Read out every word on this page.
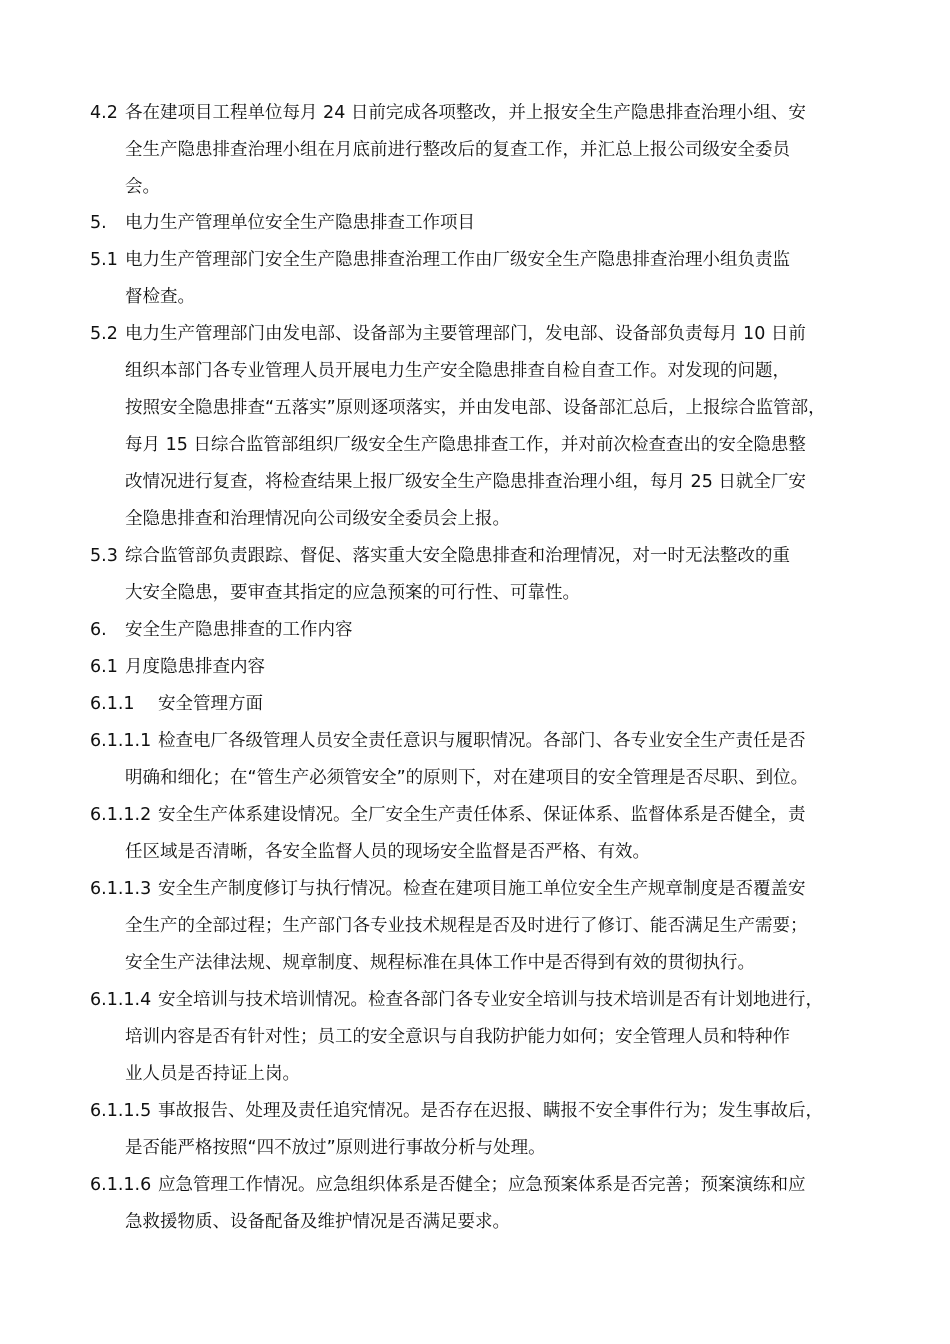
4.2 各在建项目工程单位每月 24 日前完成各项整改，并上报安全生产隐患排查治理小组、安
全生产隐患排查治理小组在月底前进行整改后的复查工作，并汇总上报公司级安全委员
会。
5.	电力生产管理单位安全生产隐患排查工作项目
5.1 电力生产管理部门安全生产隐患排查治理工作由厂级安全生产隐患排查治理小组负责监
督检查。
5.2 电力生产管理部门由发电部、设备部为主要管理部门，发电部、设备部负责每月 10 日前
组织本部门各专业管理人员开展电力生产安全隐患排查自检自查工作。对发现的问题，
按照安全隐患排查“五落实”原则逐项落实，并由发电部、设备部汇总后，上报综合监管部，
每月 15 日综合监管部组织厂级安全生产隐患排查工作，并对前次检查查出的安全隐患整
改情况进行复查，将检查结果上报厂级安全生产隐患排查治理小组，每月 25 日就全厂安
全隐患排查和治理情况向公司级安全委员会上报。
5.3 综合监管部负责跟踪、督促、落实重大安全隐患排查和治理情况，对一时无法整改的重
大安全隐患，要审查其指定的应急预案的可行性、可靠性。
6.	安全生产隐患排查的工作内容
6.1 月度隐患排查内容
6.1.1	安全管理方面
6.1.1.1 检查电厂各级管理人员安全责任意识与履职情况。各部门、各专业安全生产责任是否
明确和细化；在“管生产必须管安全”的原则下，对在建项目的安全管理是否尽职、到位。
6.1.1.2 安全生产体系建设情况。全厂安全生产责任体系、保证体系、监督体系是否健全，责
任区域是否清晰，各安全监督人员的现场安全监督是否严格、有效。
6.1.1.3 安全生产制度修订与执行情况。检查在建项目施工单位安全生产规章制度是否覆盖安
全生产的全部过程；生产部门各专业技术规程是否及时进行了修订、能否满足生产需要；
安全生产法律法规、规章制度、规程标准在具体工作中是否得到有效的贯彻执行。
6.1.1.4 安全培训与技术培训情况。检查各部门各专业安全培训与技术培训是否有计划地进行，
培训内容是否有针对性；员工的安全意识与自我防护能力如何；安全管理人员和特种作
业人员是否持证上岗。
6.1.1.5 事故报告、处理及责任追究情况。是否存在迟报、瞒报不安全事件行为；发生事故后，
是否能严格按照“四不放过”原则进行事故分析与处理。
6.1.1.6 应急管理工作情况。应急组织体系是否健全；应急预案体系是否完善；预案演练和应
急救援物质、设备配备及维护情况是否满足要求。
